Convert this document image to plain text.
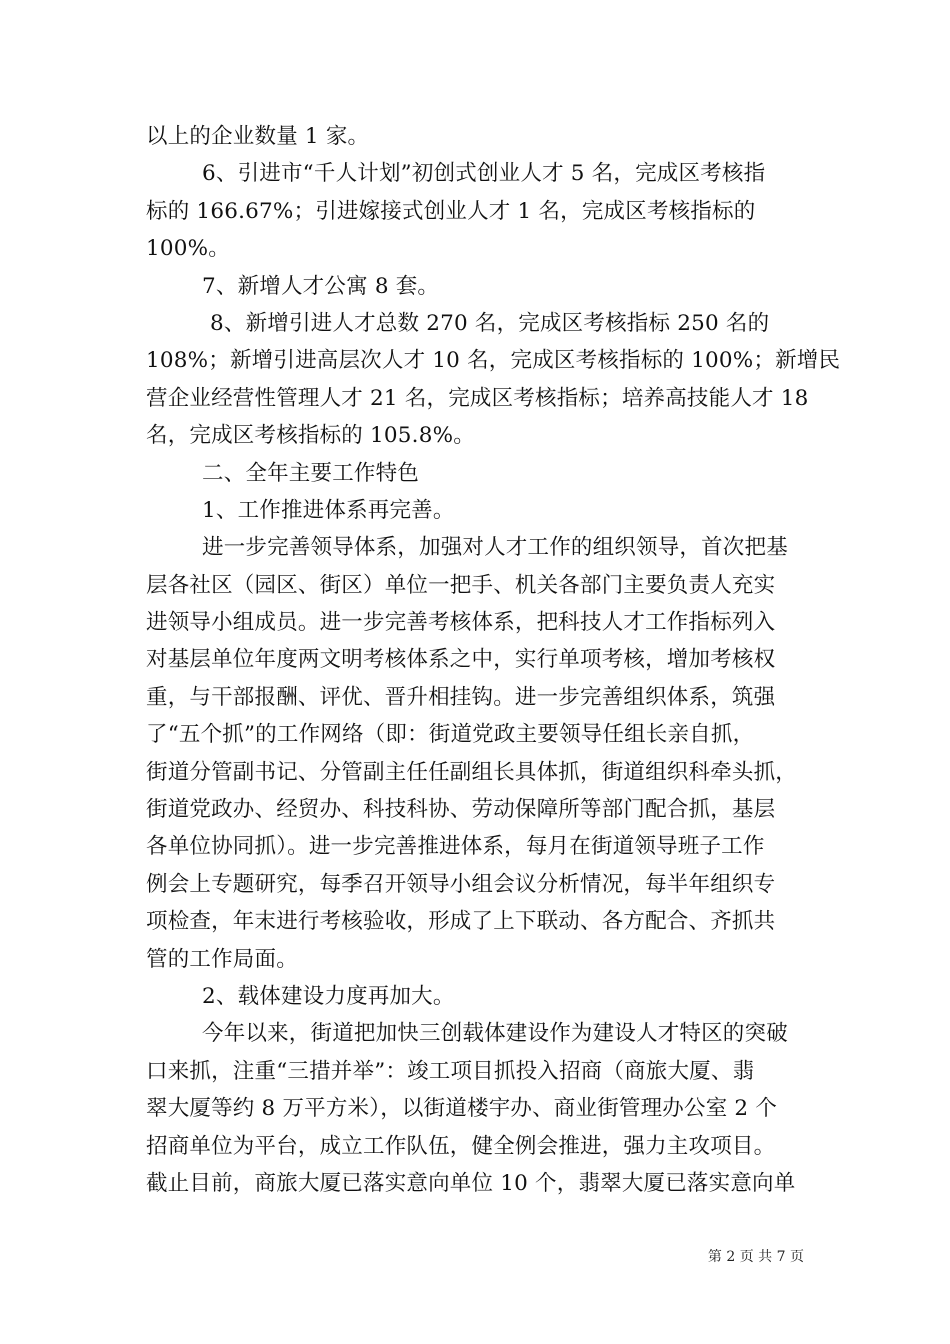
以上的企业数量 1 家。
6、引进市“千人计划”初创式创业人才 5 名，完成区考核指
标的 166.67%；引进嫁接式创业人才 1 名，完成区考核指标的
100%。
7、新增人才公寓 8 套。
8、新增引进人才总数 270 名，完成区考核指标 250 名的
108%；新增引进高层次人才 10 名，完成区考核指标的 100%；新增民
营企业经营性管理人才 21 名，完成区考核指标；培养高技能人才 18
名，完成区考核指标的 105.8%。
二、全年主要工作特色
1、工作推进体系再完善。
进一步完善领导体系，加强对人才工作的组织领导，首次把基
层各社区（园区、街区）单位一把手、机关各部门主要负责人充实
进领导小组成员。进一步完善考核体系，把科技人才工作指标列入
对基层单位年度两文明考核体系之中，实行单项考核，增加考核权
重，与干部报酬、评优、晋升相挂钩。进一步完善组织体系，筑强
了“五个抓”的工作网络（即：街道党政主要领导任组长亲自抓，
街道分管副书记、分管副主任任副组长具体抓，街道组织科牵头抓，
街道党政办、经贸办、科技科协、劳动保障所等部门配合抓，基层
各单位协同抓）。进一步完善推进体系，每月在街道领导班子工作
例会上专题研究，每季召开领导小组会议分析情况，每半年组织专
项检查，年末进行考核验收，形成了上下联动、各方配合、齐抓共
管的工作局面。
2、载体建设力度再加大。
今年以来，街道把加快三创载体建设作为建设人才特区的突破
口来抓，注重“三措并举”：竣工项目抓投入招商（商旅大厦、翡
翠大厦等约 8 万平方米），以街道楼宇办、商业街管理办公室 2 个
招商单位为平台，成立工作队伍，健全例会推进，强力主攻项目。
截止目前，商旅大厦已落实意向单位 10 个，翡翠大厦已落实意向单
第 2 页 共 7 页
